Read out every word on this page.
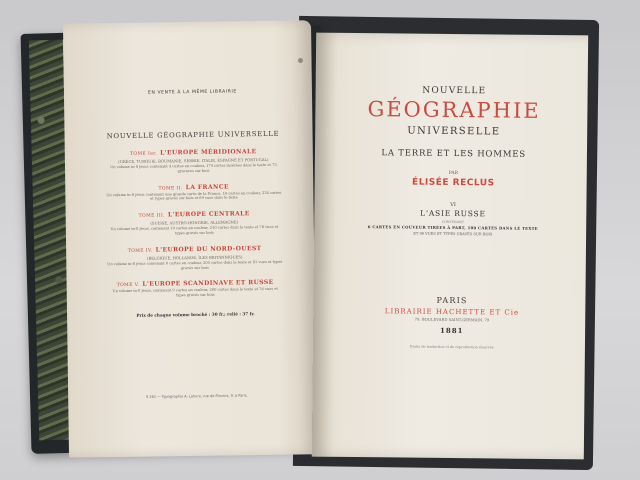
EN VENTE À LA MÊME LIBRAIRIE
NOUVELLE GÉOGRAPHIE UNIVERSELLE
TOME Ier. L'EUROPE MÉRIDIONALE
(GRÈCE, TURQUIE, ROUMANIE, SERBIE, ITALIE, ESPAGNE ET PORTUGAL)
Un volume in-8 jésus contenant 4 cartes en couleur, 174 cartes insérées dans le texte et 73 gravures sur bois
TOME II. LA FRANCE
Un volume in-8 jésus contenant une grande carte de la France, 10 cartes en couleur, 234 cartes et types gravés sur bois et 69 vues dans le texte
TOME III. L'EUROPE CENTRALE
(SUISSE, AUSTRO-HONGRIE, ALLEMAGNE)
Un volume in-8 jésus, contenant 10 cartes en couleur, 210 cartes dans le texte et 78 vues et types gravés sur bois
TOME IV. L'EUROPE DU NORD-OUEST
(BELGIQUE, HOLLANDE, ÎLES BRITANNIQUES)
Un volume in-8 jésus contenant 6 cartes en couleur, 205 cartes dans le texte et 81 vues et types gravés sur bois
TOME V. L'EUROPE SCANDINAVE ET RUSSE
Un volume in-8 jésus, contenant 9 cartes en couleur, 200 cartes dans le texte et 76 vues et types gravés sur bois
Prix de chaque volume broché : 30 fr.; relié : 37 fr.
9 261 — Typographie A. Lahure, rue de Fleurus, 9, à Paris.
NOUVELLE
GÉOGRAPHIE
UNIVERSELLE
LA TERRE ET LES HOMMES
PAR
ÉLISÉE RECLUS
VI
L'ASIE RUSSE
CONTENANT
6 CARTES EN COUVEUR TIRÉES À PART, 180 CARTES DANS LE TEXTE
ET 90 VUES ET TYPES GRAVÉS SUR BOIS
PARIS
LIBRAIRIE HACHETTE ET Cie
79, BOULEVARD SAINT-GERMAIN, 79
1881
Droits de traduction et de reproduction réservés
